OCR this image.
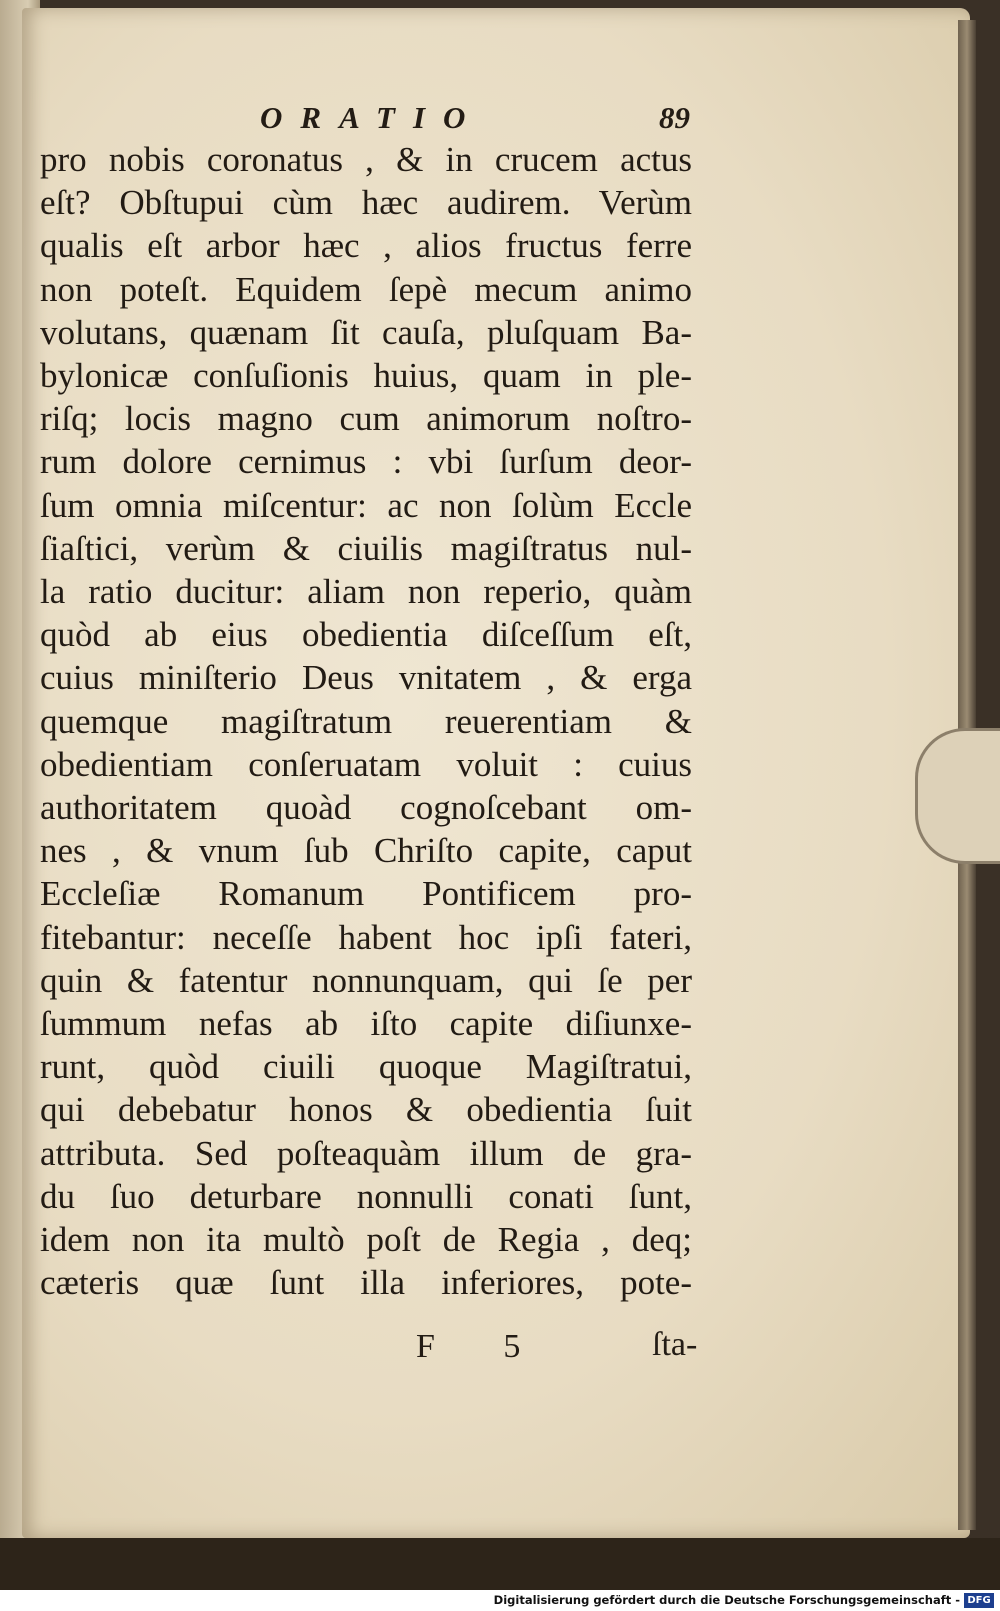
ORATIO	89
pro nobis coronatus , & in crucem actus
eſt? Obſtupui cùm hæc audirem. Verùm
qualis eſt arbor hæc , alios fructus ferre
non poteſt. Equidem ſepè mecum animo
volutans, quænam ſit cauſa, pluſquam Ba-
bylonicæ conſuſionis huius, quam in ple-
riſq; locis magno cum animorum noſtro-
rum dolore cernimus : vbi ſurſum deor-
ſum omnia miſcentur: ac non ſolùm Eccle
ſiaſtici, verùm & ciuilis magiſtratus nul-
la ratio ducitur: aliam non reperio, quàm
quòd ab eius obedientia diſceſſum eſt,
cuius miniſterio Deus vnitatem , & erga
quemque magiſtratum reuerentiam &
obedientiam conſeruatam voluit : cuius
authoritatem quoàd cognoſcebant om-
nes , & vnum ſub Chriſto capite, caput
Eccleſiæ Romanum Pontificem pro-
fitebantur: neceſſe habent hoc ipſi fateri,
quin & fatentur nonnunquam, qui ſe per
ſummum nefas ab iſto capite diſiunxe-
runt, quòd ciuili quoque Magiſtratui,
qui debebatur honos & obedientia ſuit
attributa. Sed poſteaquàm illum de gra-
du ſuo deturbare nonnulli conati ſunt,
idem non ita multò poſt de Regia , deq;
cæteris quæ ſunt illa inferiores, pote-
F 5	ſta-
Digitalisierung gefördert durch die Deutsche Forschungsgemeinschaft - DFG
